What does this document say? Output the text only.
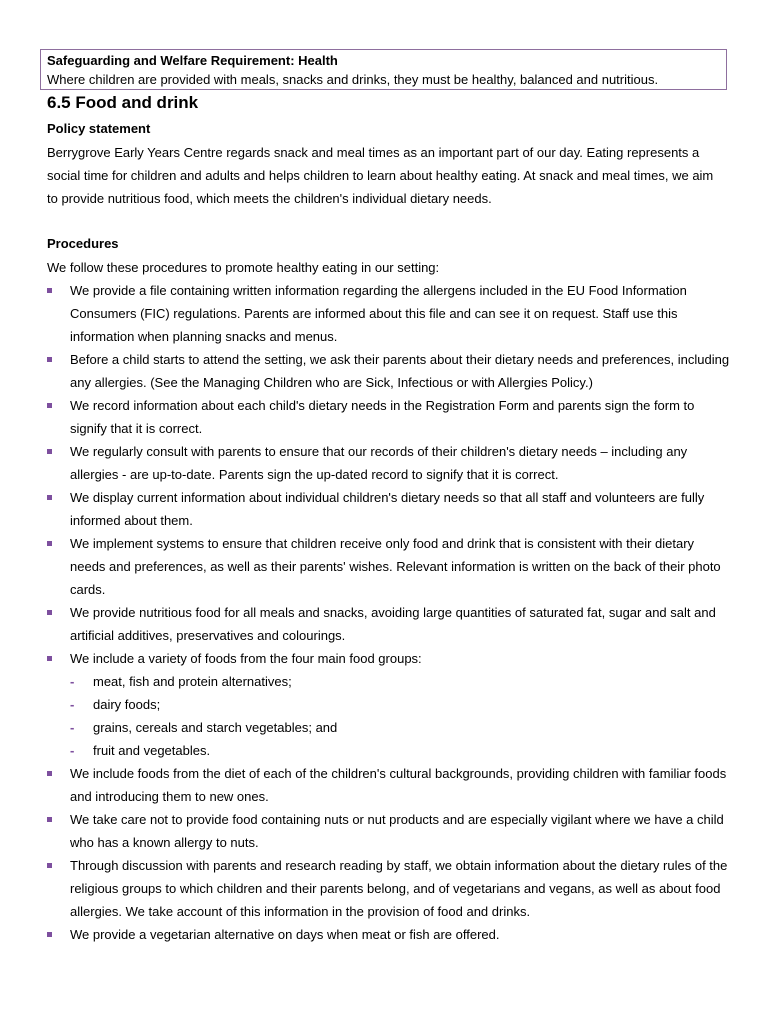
Safeguarding and Welfare Requirement: Health
Where children are provided with meals, snacks and drinks, they must be healthy, balanced and nutritious.
6.5 Food and drink
Policy statement

Berrygrove Early Years Centre regards snack and meal times as an important part of our day. Eating represents a social time for children and adults and helps children to learn about healthy eating. At snack and meal times, we aim to provide nutritious food, which meets the children's individual dietary needs.

Procedures
We follow these procedures to promote healthy eating in our setting:
We provide a file containing written information regarding the allergens included in the EU Food Information Consumers (FIC) regulations. Parents are informed about this file and can see it on request. Staff use this information when planning snacks and menus.
Before a child starts to attend the setting, we ask their parents about their dietary needs and preferences, including any allergies. (See the Managing Children who are Sick, Infectious or with Allergies Policy.)
We record information about each child's dietary needs in the Registration Form and parents sign the form to signify that it is correct.
We regularly consult with parents to ensure that our records of their children's dietary needs – including any allergies - are up-to-date. Parents sign the up-dated record to signify that it is correct.
We display current information about individual children's dietary needs so that all staff and volunteers are fully informed about them.
We implement systems to ensure that children receive only food and drink that is consistent with their dietary needs and preferences, as well as their parents' wishes. Relevant information is written on the back of their photo cards.
We provide nutritious food for all meals and snacks, avoiding large quantities of saturated fat, sugar and salt and artificial additives, preservatives and colourings.
We include a variety of foods from the four main food groups:
- meat, fish and protein alternatives;
- dairy foods;
- grains, cereals and starch vegetables; and
- fruit and vegetables.
We include foods from the diet of each of the children's cultural backgrounds, providing children with familiar foods and introducing them to new ones.
We take care not to provide food containing nuts or nut products and are especially vigilant where we have a child who has a known allergy to nuts.
Through discussion with parents and research reading by staff, we obtain information about the dietary rules of the religious groups to which children and their parents belong, and of vegetarians and vegans, as well as about food allergies. We take account of this information in the provision of food and drinks.
We provide a vegetarian alternative on days when meat or fish are offered.
